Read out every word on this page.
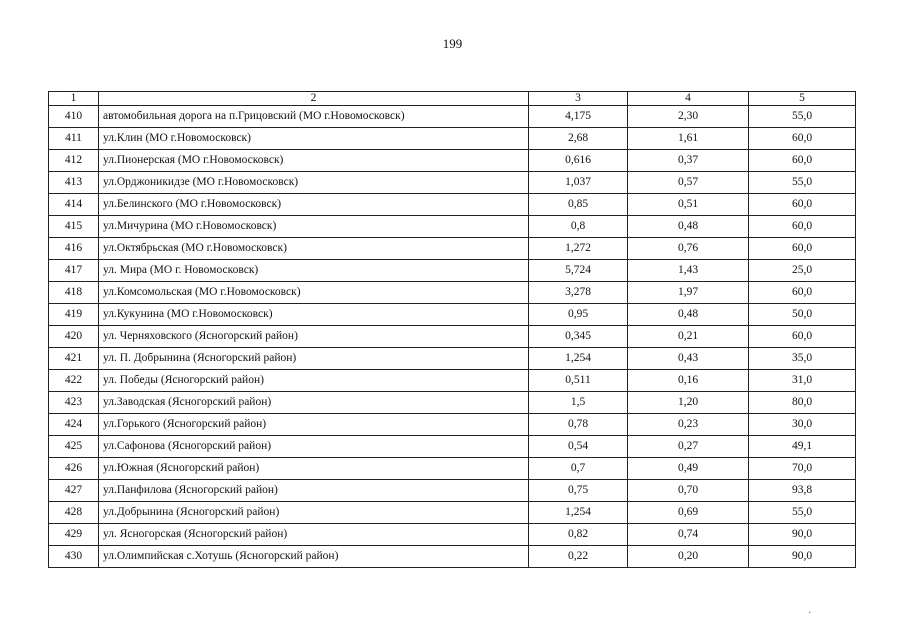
199
1	2	3	4	5
410	автомобильная дорога на п.Грицовский (МО г.Новомосковск)	4,175	2,30	55,0
411	ул.Клин (МО г.Новомосковск)	2,68	1,61	60,0
412	ул.Пионерская (МО г.Новомосковск)	0,616	0,37	60,0
413	ул.Орджоникидзе (МО г.Новомосковск)	1,037	0,57	55,0
414	ул.Белинского (МО г.Новомосковск)	0,85	0,51	60,0
415	ул.Мичурина (МО г.Новомосковск)	0,8	0,48	60,0
416	ул.Октябрьская (МО г.Новомосковск)	1,272	0,76	60,0
417	ул. Мира (МО г. Новомосковск)	5,724	1,43	25,0
418	ул.Комсомольская (МО г.Новомосковск)	3,278	1,97	60,0
419	ул.Кукунина (МО г.Новомосковск)	0,95	0,48	50,0
420	ул. Черняховского (Ясногорский район)	0,345	0,21	60,0
421	ул. П. Добрынина (Ясногорский район)	1,254	0,43	35,0
422	ул. Победы (Ясногорский район)	0,511	0,16	31,0
423	ул.Заводская (Ясногорский район)	1,5	1,20	80,0
424	ул.Горького (Ясногорский район)	0,78	0,23	30,0
425	ул.Сафонова (Ясногорский район)	0,54	0,27	49,1
426	ул.Южная (Ясногорский район)	0,7	0,49	70,0
427	ул.Панфилова (Ясногорский район)	0,75	0,70	93,8
428	ул.Добрынина (Ясногорский район)	1,254	0,69	55,0
429	ул. Ясногорская (Ясногорский район)	0,82	0,74	90,0
430	ул.Олимпийская с.Хотушь (Ясногорский район)	0,22	0,20	90,0
·
